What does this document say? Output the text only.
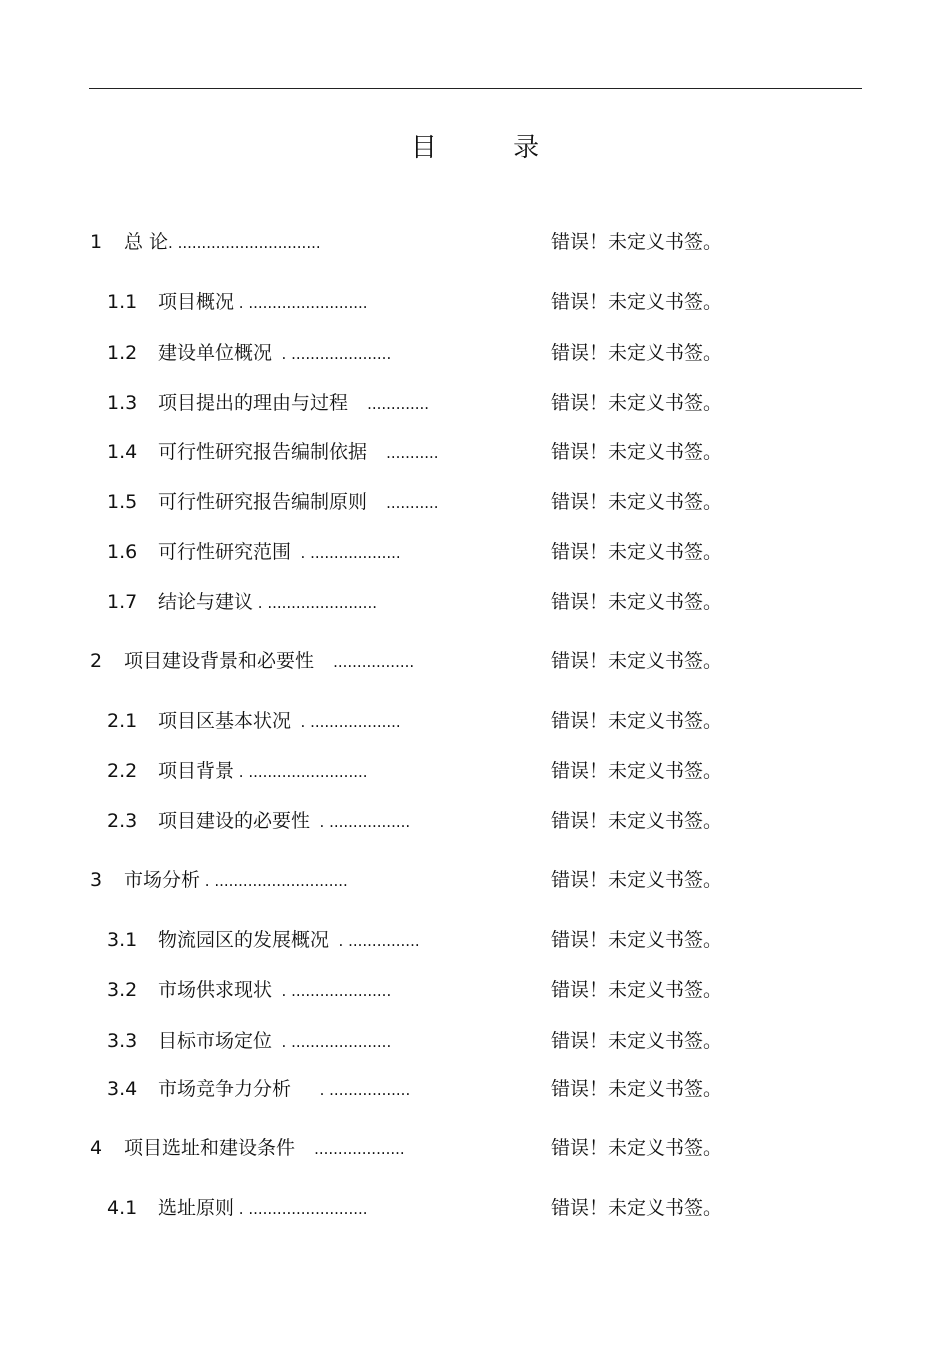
目 录
1 总 论. ..............................	错误！未定义书签。
1.1 项目概况 . .........................	错误！未定义书签。
1.2 建设单位概况  . .....................	错误！未定义书签。
1.3 项目提出的理由与过程    .............	错误！未定义书签。
1.4 可行性研究报告编制依据    ...........	错误！未定义书签。
1.5 可行性研究报告编制原则    ...........	错误！未定义书签。
1.6 可行性研究范围  . ...................	错误！未定义书签。
1.7 结论与建议 . .......................	错误！未定义书签。
2 项目建设背景和必要性    .................	错误！未定义书签。
2.1 项目区基本状况  . ...................	错误！未定义书签。
2.2 项目背景 . .........................	错误！未定义书签。
2.3 项目建设的必要性  . .................	错误！未定义书签。
3 市场分析 . ............................	错误！未定义书签。
3.1 物流园区的发展概况  . ...............	错误！未定义书签。
3.2 市场供求现状  . .....................	错误！未定义书签。
3.3 目标市场定位  . .....................	错误！未定义书签。
3.4 市场竞争力分析      . .................	错误！未定义书签。
4 项目选址和建设条件    ...................	错误！未定义书签。
4.1 选址原则 . .........................	错误！未定义书签。
